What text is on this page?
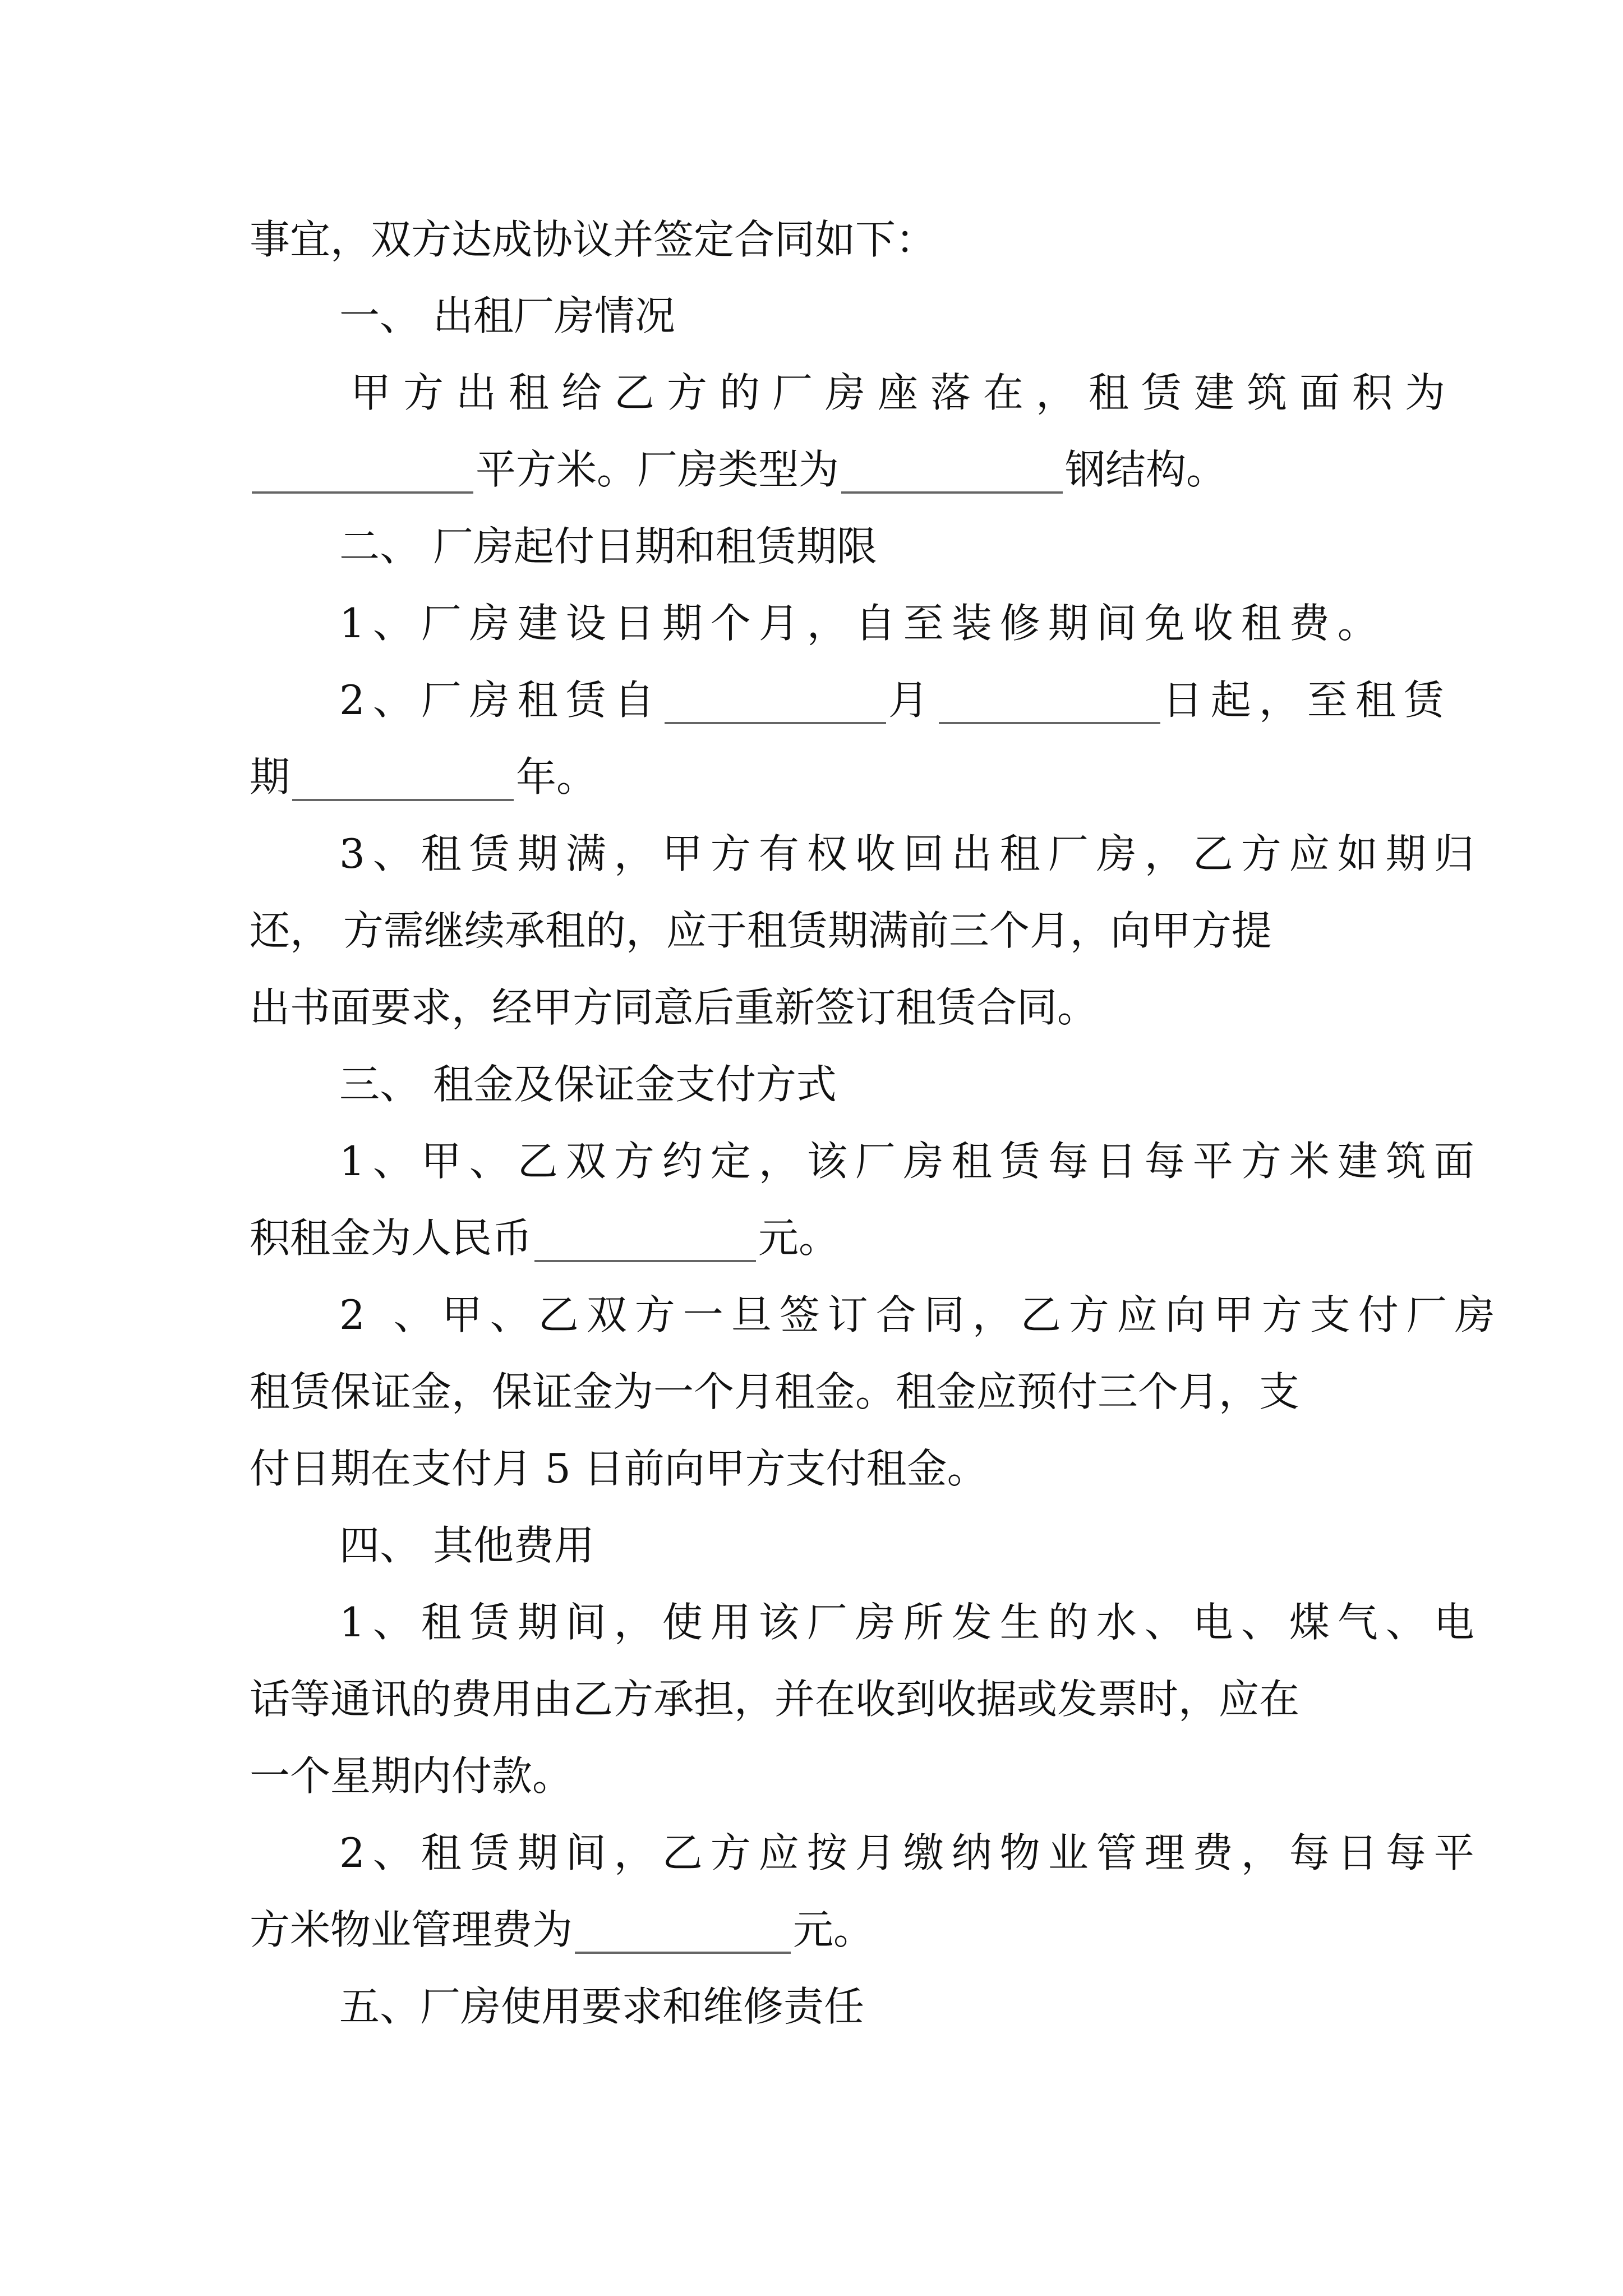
事宜，双方达成协议并签定合同如下：
一、 出租厂房情况
甲方出租给乙方的厂房座落在，租赁建筑面积为
平方米。厂房类型为	钢结构。
二、 厂房起付日期和租赁期限
1、厂房建设日期个月，自至装修期间免收租费。
2、厂房租赁自	月	日起，至租赁
期	年。
3、租赁期满，甲方有权收回出租厂房，乙方应如期归
还， 方需继续承租的，应于租赁期满前三个月，向甲方提
出书面要求，经甲方同意后重新签订租赁合同。
三、 租金及保证金支付方式
1、甲、乙双方约定，该厂房租赁每日每平方米建筑面
积租金为人民币	元。
2 、甲、乙双方一旦签订合同，乙方应向甲方支付厂房
租赁保证金，保证金为一个月租金。租金应预付三个月，支
付日期在支付月 5 日前向甲方支付租金。
四、 其他费用
1、租赁期间，使用该厂房所发生的水、电、煤气、电
话等通讯的费用由乙方承担，并在收到收据或发票时，应在
一个星期内付款。
2、租赁期间，乙方应按月缴纳物业管理费，每日每平
方米物业管理费为	元。
五、厂房使用要求和维修责任
